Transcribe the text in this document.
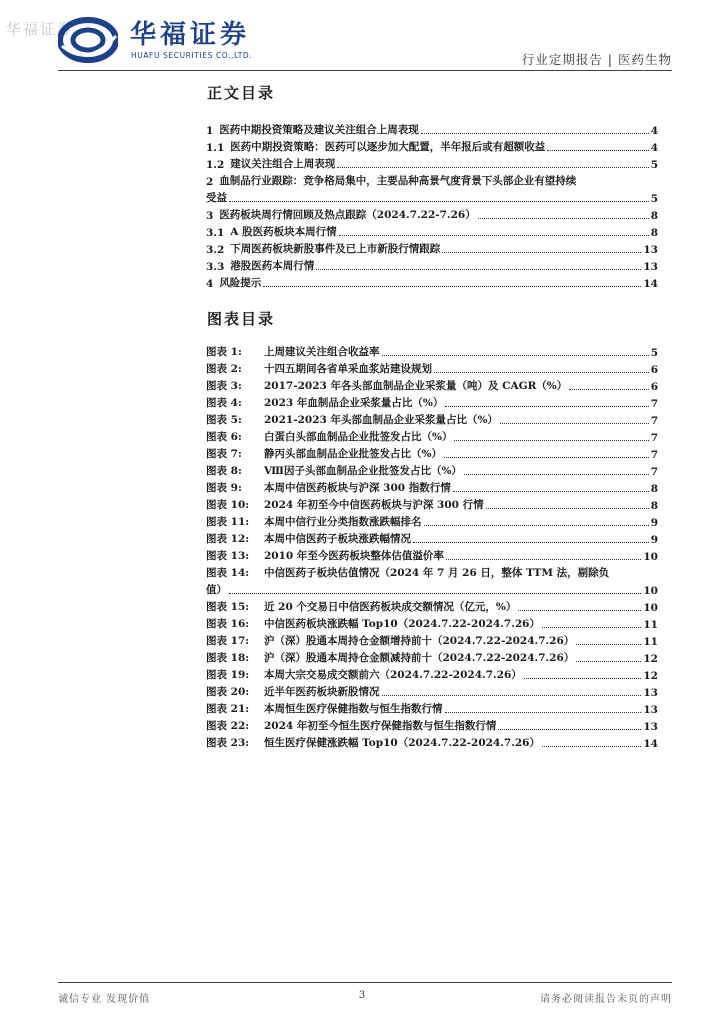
华福证券 华福证券
HUAFU SECURITIES CO.,LTD.	行业定期报告 | 医药生物
正文目录
1 医药中期投资策略及建议关注组合上周表现	4
1.1 医药中期投资策略：医药可以逐步加大配置，半年报后或有超额收益	4
1.2 建议关注组合上周表现	5
2 血制品行业跟踪：竞争格局集中，主要品种高景气度背景下头部企业有望持续
受益	5
3 医药板块周行情回顾及热点跟踪（2024.7.22-7.26）	8
3.1 A 股医药板块本周行情	8
3.2 下周医药板块新股事件及已上市新股行情跟踪	13
3.3 港股医药本周行情	13
4 风险提示	14
图表目录
图表 1:	上周建议关注组合收益率	5
图表 2:	十四五期间各省单采血浆站建设规划	6
图表 3:	2017-2023 年各头部血制品企业采浆量（吨）及 CAGR（%）	6
图表 4:	2023 年血制品企业采浆量占比（%）	7
图表 5:	2021-2023 年头部血制品企业采浆量占比（%）	7
图表 6:	白蛋白头部血制品企业批签发占比（%）	7
图表 7:	静丙头部血制品企业批签发占比（%）	7
图表 8:	Ⅷ因子头部血制品企业批签发占比（%）	7
图表 9:	本周中信医药板块与沪深 300 指数行情	8
图表 10:	2024 年初至今中信医药板块与沪深 300 行情	8
图表 11:	本周中信行业分类指数涨跌幅排名	9
图表 12:	本周中信医药子板块涨跌幅情况	9
图表 13:	2010 年至今医药板块整体估值溢价率	10
图表 14:	中信医药子板块估值情况（2024 年 7 月 26 日，整体 TTM 法，剔除负
值）	10
图表 15:	近 20 个交易日中信医药板块成交额情况（亿元，%）	10
图表 16:	中信医药板块涨跌幅 Top10（2024.7.22-2024.7.26）	11
图表 17:	沪（深）股通本周持仓金额增持前十（2024.7.22-2024.7.26）	11
图表 18:	沪（深）股通本周持仓金额减持前十（2024.7.22-2024.7.26）	12
图表 19:	本周大宗交易成交额前六（2024.7.22-2024.7.26）	12
图表 20:	近半年医药板块新股情况	13
图表 21:	本周恒生医疗保健指数与恒生指数行情	13
图表 22:	2024 年初至今恒生医疗保健指数与恒生指数行情	13
图表 23:	恒生医疗保健涨跌幅 Top10（2024.7.22-2024.7.26）	14
诚信专业 发现价值	3	请务必阅读报告末页的声明
